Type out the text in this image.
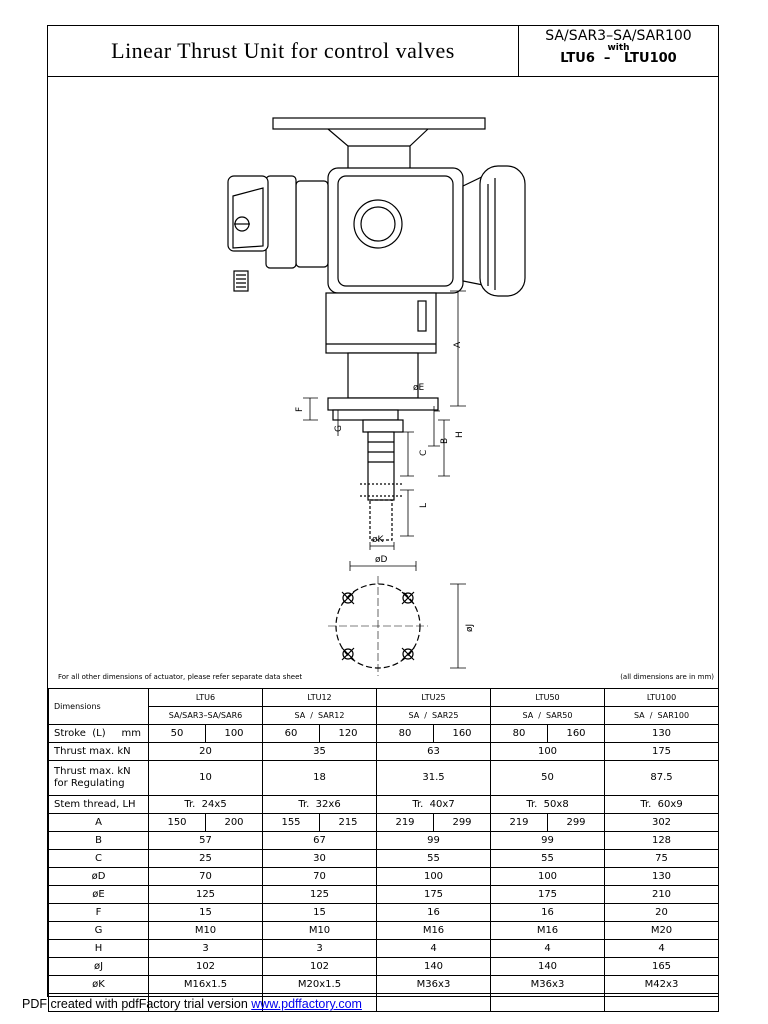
Linear Thrust Unit for control valves
SA/SAR3–SA/SAR100
with
LTU6  –   LTU100
A
øE
F
G
H
B
C
L
øK
øD
øJ
For all other dimensions of actuator, please refer separate data sheet	(all dimensions are in mm)
Dimensions	LTU6		LTU12		LTU25		LTU50		LTU100
	SA/SAR3–SA/SAR6		SA  /  SAR12		SA  /  SAR25		SA  /  SAR50		SA  /  SAR100
Stroke  (L)     mm	50	100	60	120	80	160	80	160	130
Thrust max. kN	20		35		63		100		175
Thrust max. kN
for Regulating	10		18		31.5		50		87.5
Stem thread, LH	Tr.  24x5		Tr.  32x6		Tr.  40x7		Tr.  50x8		Tr.  60x9
A	150	200	155	215	219	299	219	299	302
B	57		67		99		99		128
C	25		30		55		55		75
øD	70		70		100		100		130
øE	125		125		175		175		210
F	15		15		16		16		20
G	M10		M10		M16		M16		M20
H	3		3		4		4		4
øJ	102		102		140		140		165
øK	M16x1.5		M20x1.5		M36x3		M36x3		M42x3

PDF created with pdfFactory trial version www.pdffactory.com
